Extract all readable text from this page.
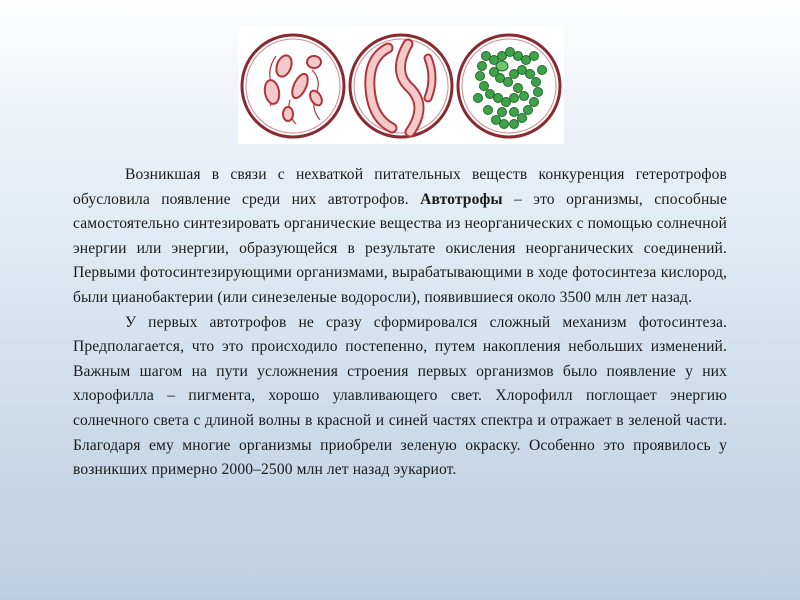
Возникшая в связи с нехваткой питательных веществ конкуренция гетеротрофов обусловила появление среди них автотрофов. Автотрофы – это организмы, способные самостоятельно синтезировать органические вещества из неорганических с помощью солнечной энергии или энергии, образующейся в результате окисления неорганических соединений. Первыми фотосинтезирующими организмами, вырабатывающими в ходе фотосинтеза кислород, были цианобактерии (или синезеленые водоросли), появившиеся около 3500 млн лет назад.

У первых автотрофов не сразу сформировался сложный механизм фотосинтеза. Предполагается, что это происходило постепенно, путем накопления небольших изменений. Важным шагом на пути усложнения строения первых организмов было появление у них хлорофилла – пигмента, хорошо улавливающего свет. Хлорофилл поглощает энергию солнечного света с длиной волны в красной и синей частях спектра и отражает в зеленой части. Благодаря ему многие организмы приобрели зеленую окраску. Особенно это проявилось у возникших примерно 2000–2500 млн лет назад эукариот.
